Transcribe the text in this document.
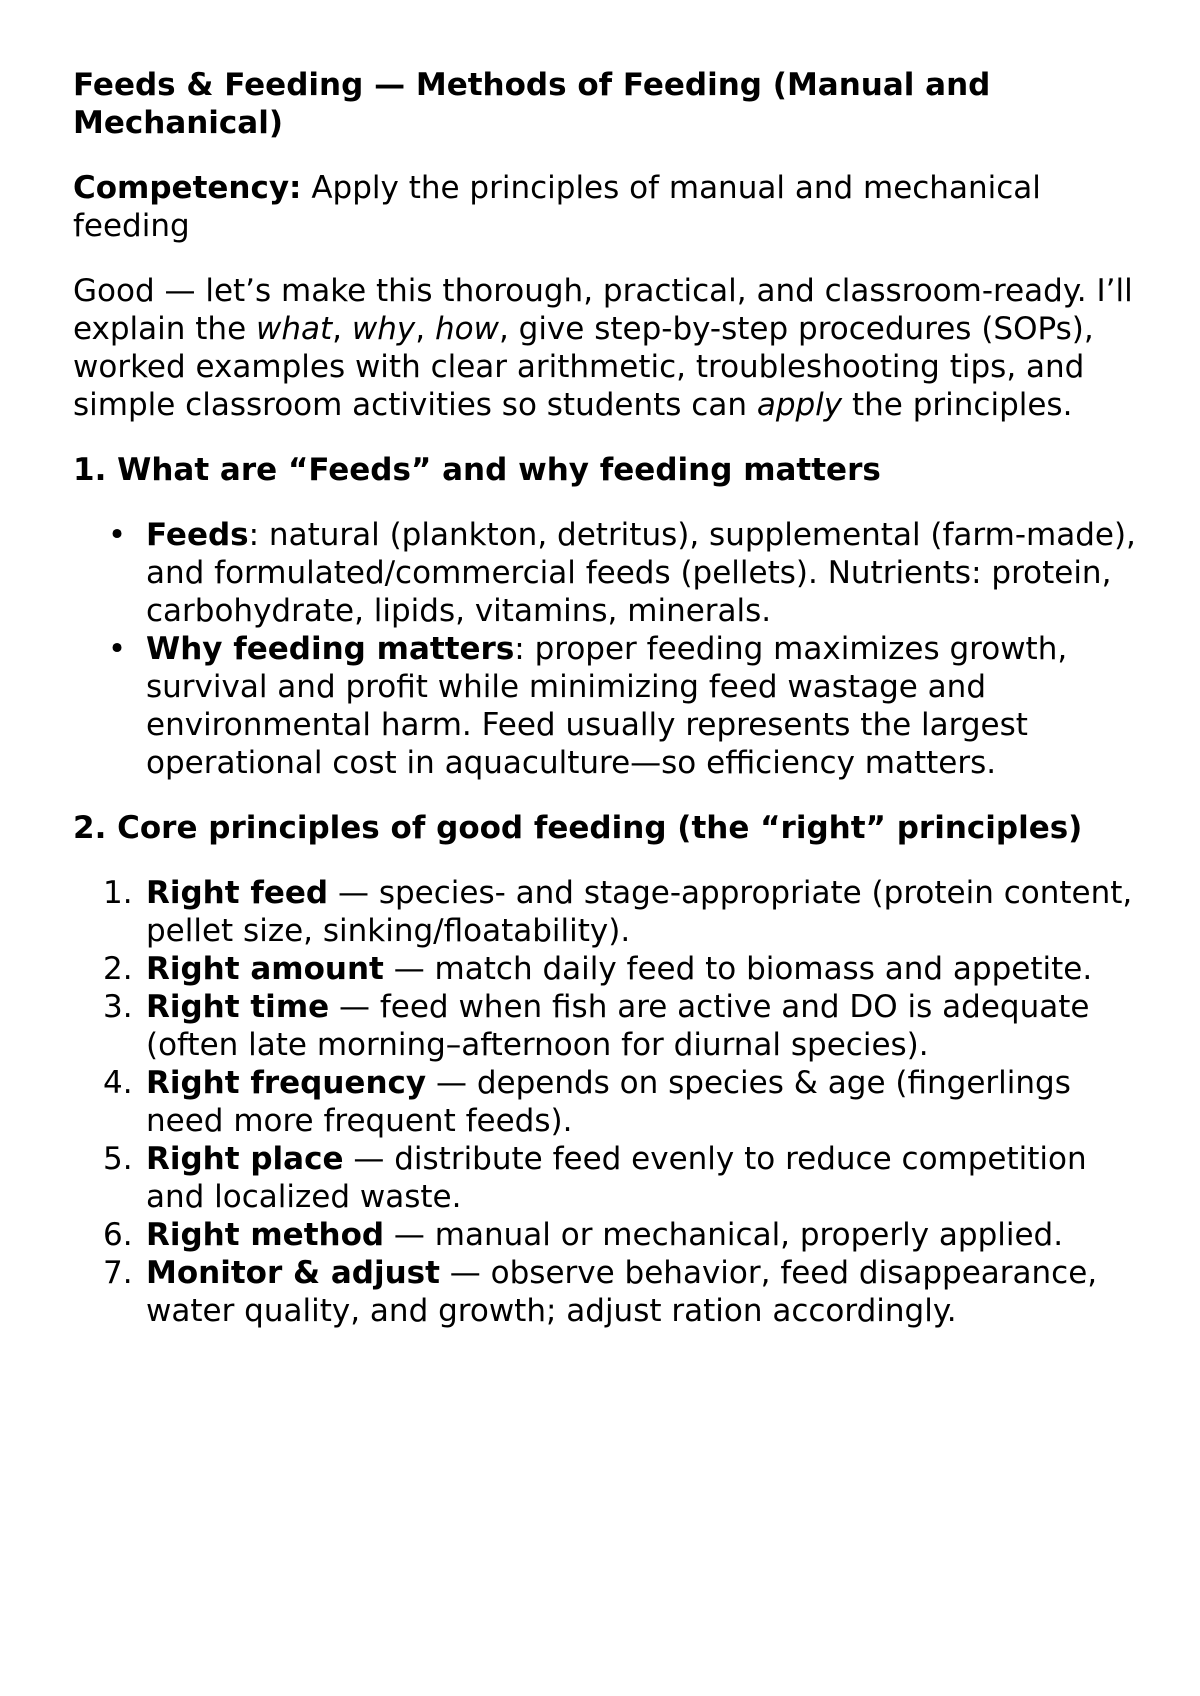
Feeds & Feeding — Methods of Feeding (Manual and Mechanical)
Competency: Apply the principles of manual and mechanical feeding
Good — let’s make this thorough, practical, and classroom-ready. I’ll explain the what, why, how, give step-by-step procedures (SOPs), worked examples with clear arithmetic, troubleshooting tips, and simple classroom activities so students can apply the principles.
1. What are “Feeds” and why feeding matters
• Feeds: natural (plankton, detritus), supplemental (farm-made), and formulated/commercial feeds (pellets). Nutrients: protein, carbohydrate, lipids, vitamins, minerals.
• Why feeding matters: proper feeding maximizes growth, survival and profit while minimizing feed wastage and environmental harm. Feed usually represents the largest operational cost in aquaculture—so efficiency matters.
2. Core principles of good feeding (the “right” principles)
1. Right feed — species- and stage-appropriate (protein content, pellet size, sinking/floatability).
2. Right amount — match daily feed to biomass and appetite.
3. Right time — feed when fish are active and DO is adequate (often late morning–afternoon for diurnal species).
4. Right frequency — depends on species & age (fingerlings need more frequent feeds).
5. Right place — distribute feed evenly to reduce competition and localized waste.
6. Right method — manual or mechanical, properly applied.
7. Monitor & adjust — observe behavior, feed disappearance, water quality, and growth; adjust ration accordingly.
